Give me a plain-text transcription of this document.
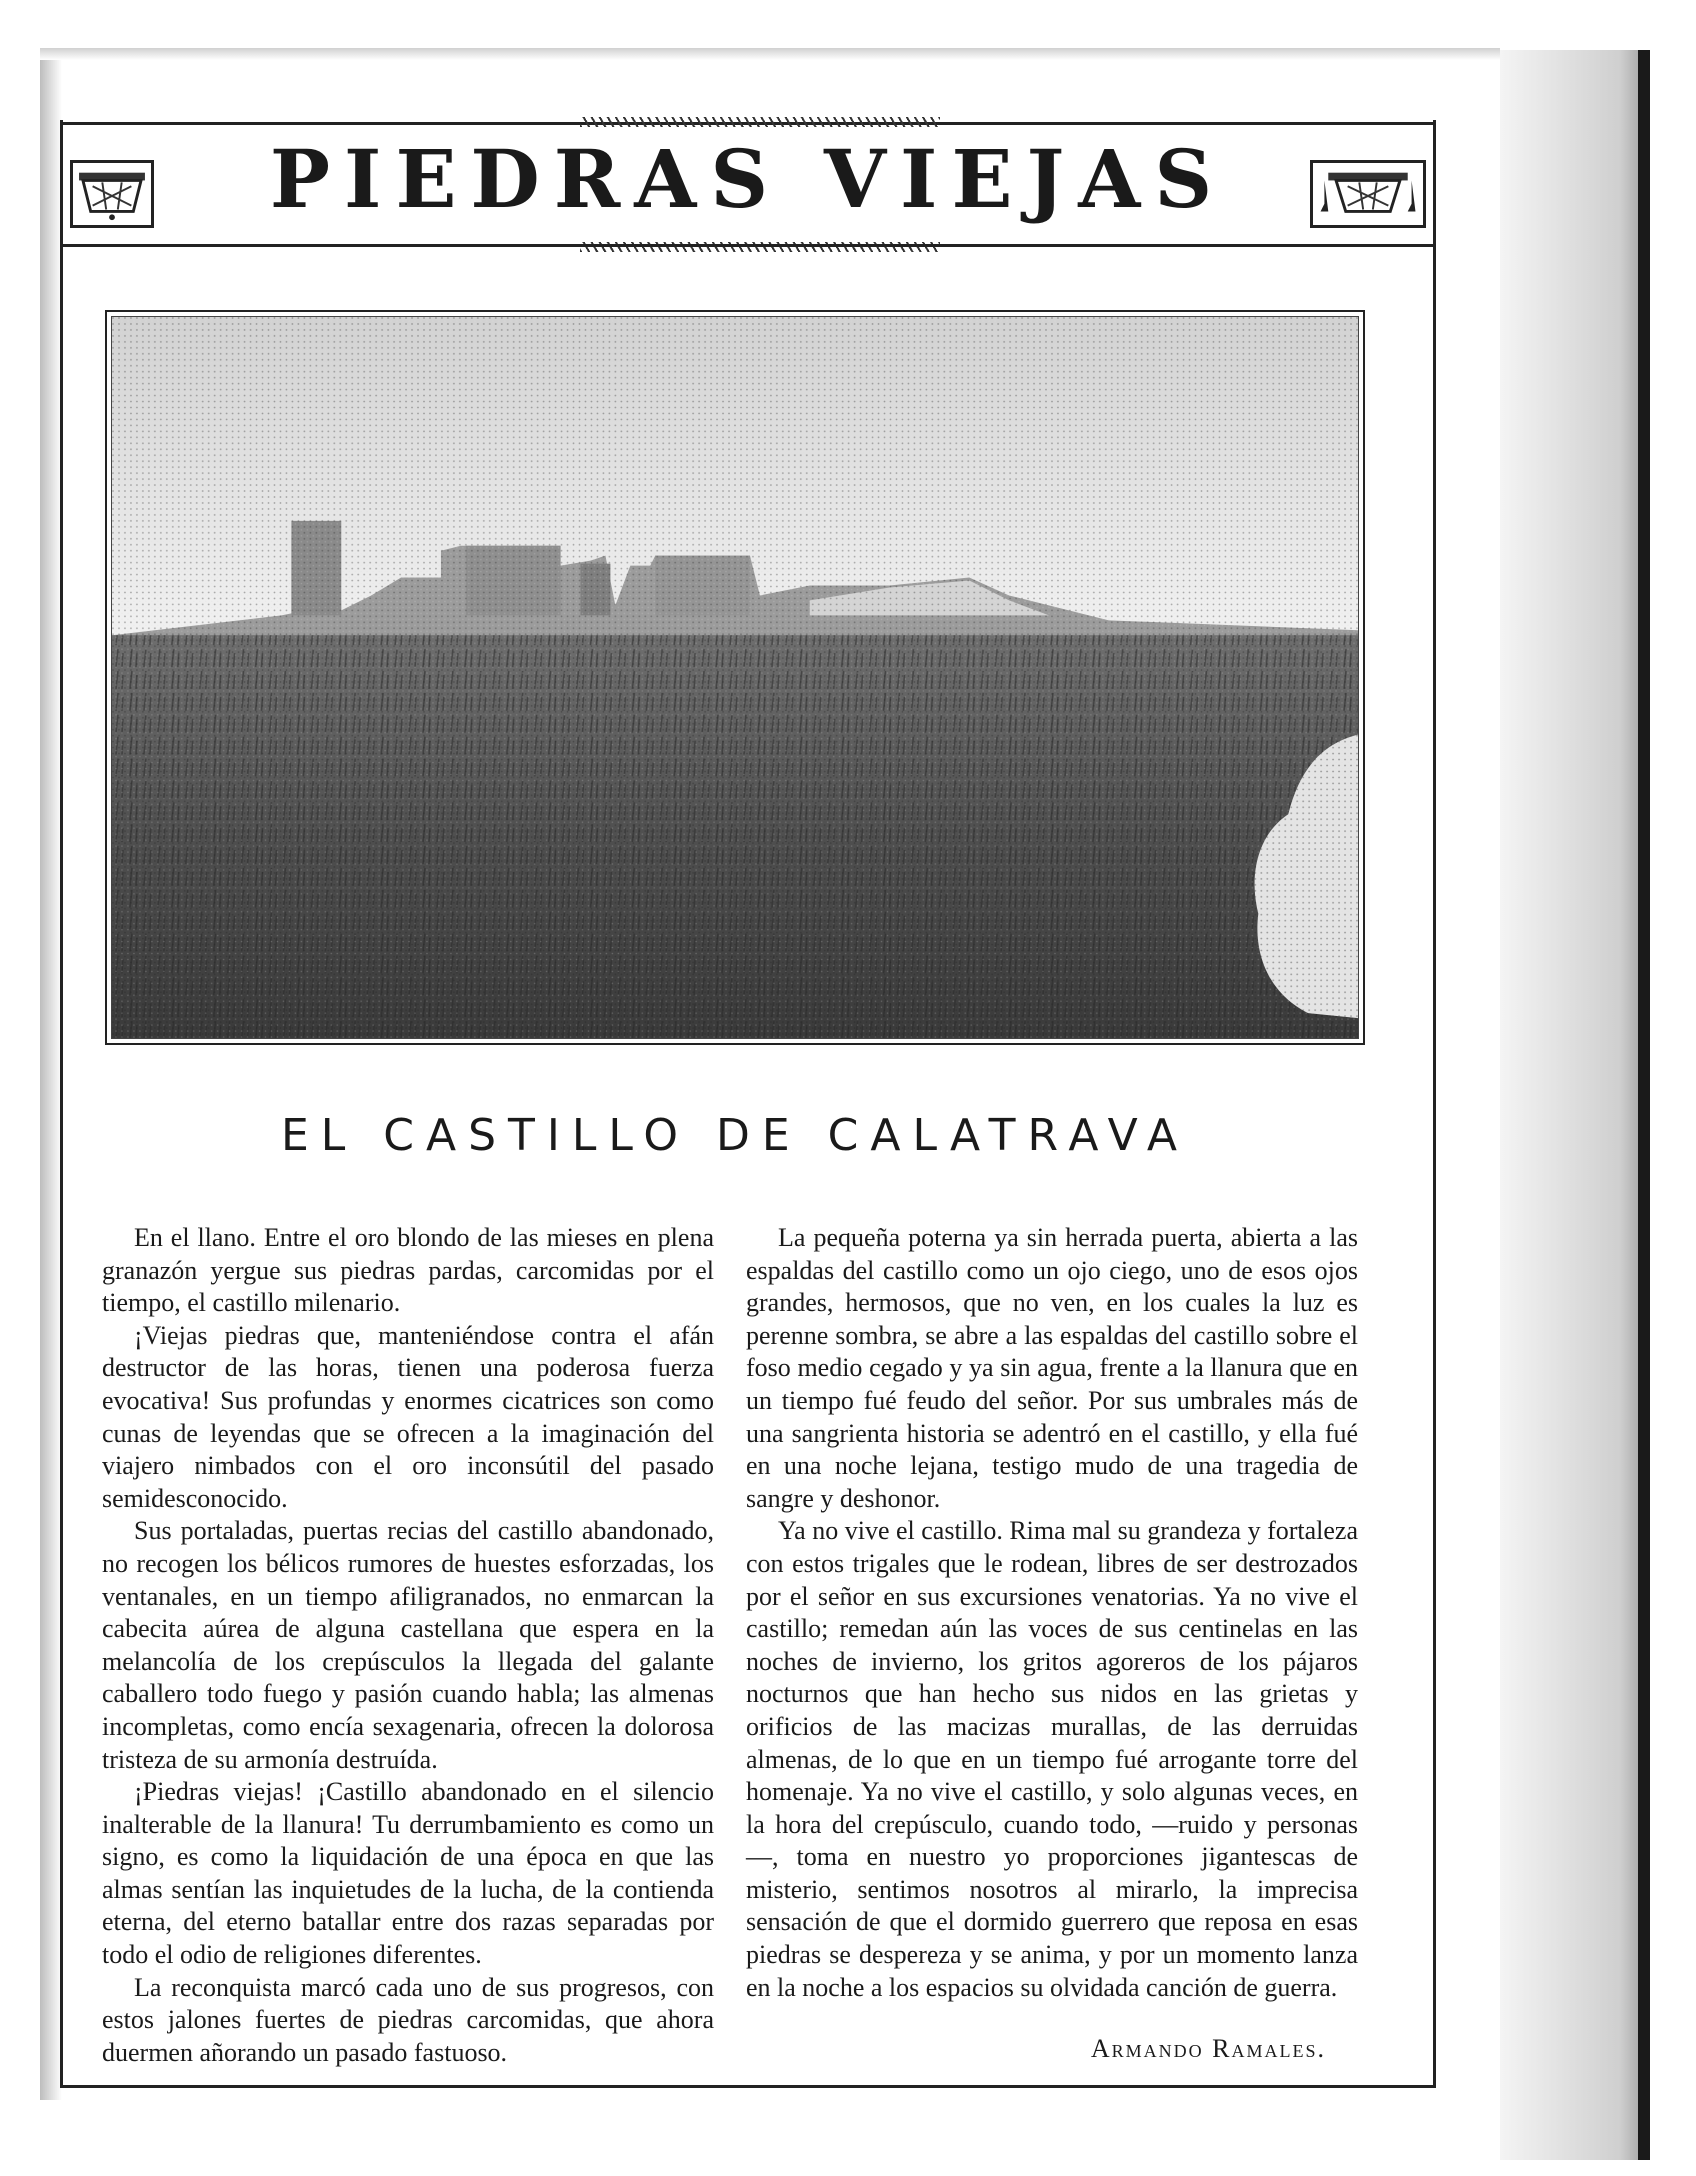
PIEDRAS VIEJAS
EL CASTILLO DE CALATRAVA

En el llano. Entre el oro blondo de las mieses en plena granazón yergue sus piedras pardas, carcomidas por el tiempo, el castillo milenario.

¡Viejas piedras que, manteniéndose contra el afán destructor de las horas, tienen una poderosa fuerza evocativa! Sus profundas y enormes cicatrices son como cunas de leyendas que se ofrecen a la imaginación del viajero nimbados con el oro inconsútil del pasado semidesconocido.

Sus portaladas, puertas recias del castillo abandonado, no recogen los bélicos rumores de huestes esforzadas, los ventanales, en un tiempo afiligranados, no enmarcan la cabecita aúrea de alguna castellana que espera en la melancolía de los crepúsculos la llegada del galante caballero todo fuego y pasión cuando habla; las almenas incompletas, como encía sexagenaria, ofrecen la dolorosa tristeza de su armonía destruída.

¡Piedras viejas! ¡Castillo abandonado en el silencio inalterable de la llanura! Tu derrumbamiento es como un signo, es como la liquidación de una época en que las almas sentían las inquietudes de la lucha, de la contienda eterna, del eterno batallar entre dos razas separadas por todo el odio de religiones diferentes.

La reconquista marcó cada uno de sus progresos, con estos jalones fuertes de piedras carcomidas, que ahora duermen añorando un pasado fastuoso.

La pequeña poterna ya sin herrada puerta, abierta a las espaldas del castillo como un ojo ciego, uno de esos ojos grandes, hermosos, que no ven, en los cuales la luz es perenne sombra, se abre a las espaldas del castillo sobre el foso medio cegado y ya sin agua, frente a la llanura que en un tiempo fué feudo del señor. Por sus umbrales más de una sangrienta historia se adentró en el castillo, y ella fué en una noche lejana, testigo mudo de una tragedia de sangre y deshonor.

Ya no vive el castillo. Rima mal su grandeza y fortaleza con estos trigales que le rodean, libres de ser destrozados por el señor en sus excursiones venatorias. Ya no vive el castillo; remedan aún las voces de sus centinelas en las noches de invierno, los gritos agoreros de los pájaros nocturnos que han hecho sus nidos en las grietas y orificios de las macizas murallas, de las derruidas almenas, de lo que en un tiempo fué arrogante torre del homenaje. Ya no vive el castillo, y solo algunas veces, en la hora del crepúsculo, cuando todo, —ruido y personas—, toma en nuestro yo proporciones jigantescas de misterio, sentimos nosotros al mirarlo, la imprecisa sensación de que el dormido guerrero que reposa en esas piedras se despereza y se anima, y por un momento lanza en la noche a los espacios su olvidada canción de guerra.

Armando Ramales.
